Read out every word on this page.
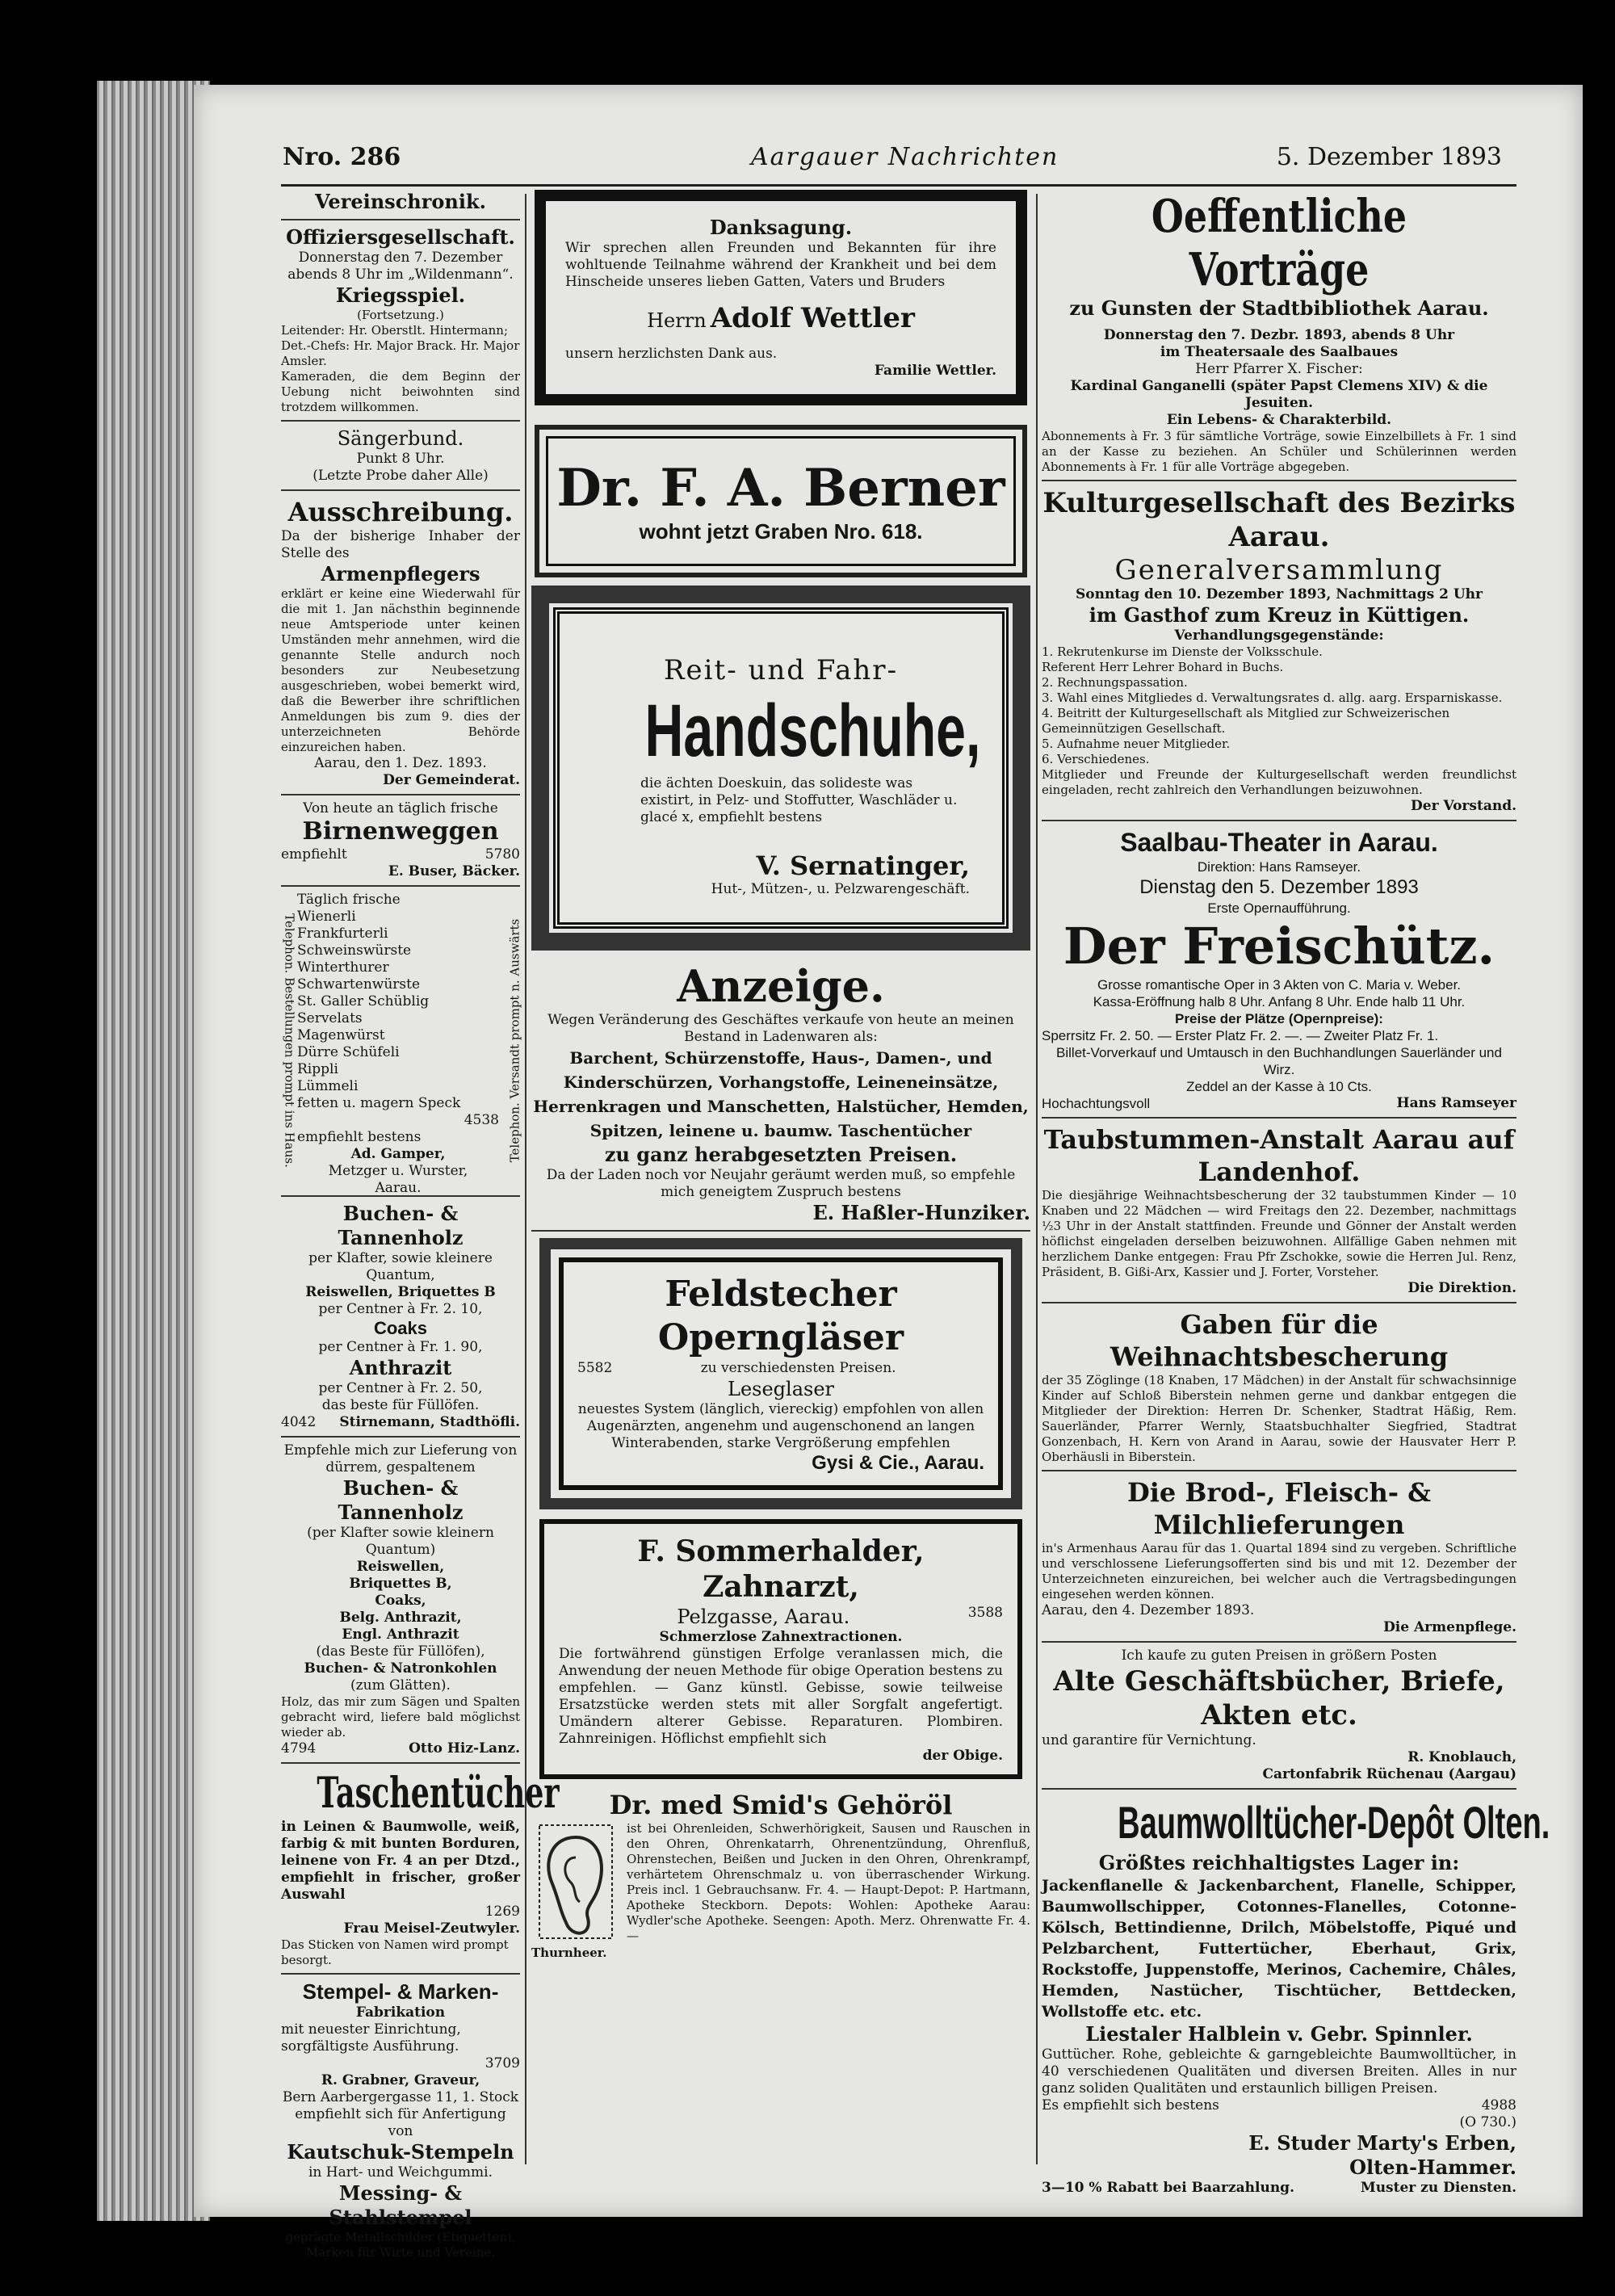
Nro. 286	Aargauer Nachrichten	5. Dezember 1893
Vereinschronik.
Offiziersgesellschaft.
Donnerstag den 7. Dezember abends 8 Uhr im „Wildenmann“.
Kriegsspiel.
(Fortsetzung.)
Leitender: Hr. Oberstlt. Hintermann; Det.-Chefs: Hr. Major Brack. Hr. Major Amsler.
Kameraden, die dem Beginn der Uebung nicht beiwohnten sind trotzdem willkommen.
Sängerbund.
Punkt 8 Uhr.
(Letzte Probe daher Alle)
Ausschreibung.
Da der bisherige Inhaber der Stelle des
Armenpflegers
erklärt er keine eine Wiederwahl für die mit 1. Jan nächsthin beginnende neue Amtsperiode unter keinen Umständen mehr annehmen, wird die genannte Stelle andurch noch besonders zur Neubesetzung ausgeschrieben, wobei bemerkt wird, daß die Bewerber ihre schriftlichen Anmeldungen bis zum 9. dies der unterzeichneten Behörde einzureichen haben.
Aarau, den 1. Dez. 1893.
Der Gemeinderat.
Von heute an täglich frische
Birnenweggen
empfiehlt	5780
E. Buser, Bäcker.
Telephon. Bestellungen prompt ins Haus.	Telephon. Versandt prompt n. Auswärts
Täglich frische
Wienerli
Frankfurterli
Schweinswürste
Winterthurer
Schwartenwürste
St. Galler Schüblig
Servelats
Magenwürst
Dürre Schüfeli
Rippli
Lümmeli
fetten u. magern Speck
4538
empfiehlt bestens
Ad. Gamper,
Metzger u. Wurster,
Aarau.
Buchen- & Tannenholz
per Klafter, sowie kleinere Quantum,
Reiswellen, Briquettes B
per Centner à Fr. 2. 10,
Coaks
per Centner à Fr. 1. 90,
Anthrazit
per Centner à Fr. 2. 50,
das beste für Füllöfen.
4042 Stirnemann, Stadthöfli.
Empfehle mich zur Lieferung von dürrem, gespaltenem
Buchen- & Tannenholz
(per Klafter sowie kleinern Quantum)
Reiswellen,
Briquettes B,
Coaks,
Belg. Anthrazit,
Engl. Anthrazit
(das Beste für Füllöfen),
Buchen- & Natronkohlen
(zum Glätten).
Holz, das mir zum Sägen und Spalten gebracht wird, liefere bald möglichst wieder ab.
4794	Otto Hiz-Lanz.
Taschentücher
in Leinen & Baumwolle, weiß, farbig & mit bunten Borduren, leinene von Fr. 4 an per Dtzd., empfiehlt in frischer, großer Auswahl
1269
Frau Meisel-Zeutwyler.
Das Sticken von Namen wird prompt besorgt.
Stempel- & Marken-
Fabrikation
mit neuester Einrichtung, sorgfältigste Ausführung.
3709
R. Grabner, Graveur,
Bern Aarbergergasse 11, 1. Stock
empfiehlt sich für Anfertigung von
Kautschuk-Stempeln
in Hart- und Weichgummi.
Messing- & Stahlstempel
geprägte Metallschilder (Etiquetten), Marken für Wirte und Vereine.
Danksagung.
Wir sprechen allen Freunden und Bekannten für ihre wohltuende Teilnahme während der Krankheit und bei dem Hinscheide unseres lieben Gatten, Vaters und Bruders
Herrn Adolf Wettler
unsern herzlichsten Dank aus.
Familie Wettler.
Dr. F. A. Berner
wohnt jetzt Graben Nro. 618.
Reit- und Fahr-
Handschuhe,
die ächten Doeskuin, das solideste was existirt, in Pelz- und Stoffutter, Waschläder u. glacé x, empfiehlt bestens
V. Sernatinger,
Hut-, Mützen-, u. Pelzwarengeschäft.
Anzeige.
Wegen Veränderung des Geschäftes verkaufe von heute an meinen Bestand in Ladenwaren als:
Barchent, Schürzenstoffe, Haus-, Damen-, und Kinderschürzen, Vorhangstoffe, Leineneinsätze, Herrenkragen und Manschetten, Halstücher, Hemden, Spitzen, leinene u. baumw. Taschentücher
zu ganz herabgesetzten Preisen.
Da der Laden noch vor Neujahr geräumt werden muß, so empfehle mich geneigtem Zuspruch bestens
E. Haßler-Hunziker.
Feldstecher Operngläser
5582	zu verschiedensten Preisen.
Leseglaser
neuestes System (länglich, viereckig) empfohlen von allen Augenärzten, angenehm und augenschonend an langen Winterabenden, starke Vergrößerung empfehlen
Gysi & Cie., Aarau.
F. Sommerhalder, Zahnarzt,
Pelzgasse, Aarau.	3588
Schmerzlose Zahnextractionen.
Die fortwährend günstigen Erfolge veranlassen mich, die Anwendung der neuen Methode für obige Operation bestens zu empfehlen. — Ganz künstl. Gebisse, sowie teilweise Ersatzstücke werden stets mit aller Sorgfalt angefertigt. Umändern alterer Gebisse. Reparaturen. Plombiren. Zahnreinigen. Höflichst empfiehlt sich
der Obige.
Dr. med Smid's Gehöröl
Thurnheer.
ist bei Ohrenleiden, Schwerhörigkeit, Sausen und Rauschen in den Ohren, Ohrenkatarrh, Ohrenentzündung, Ohrenfluß, Ohrenstechen, Beißen und Jucken in den Ohren, Ohrenkrampf, verhärtetem Ohrenschmalz u. von überraschender Wirkung. Preis incl. 1 Gebrauchsanw. Fr. 4. — Haupt-Depot: P. Hartmann, Apotheke Steckborn. Depots: Wohlen: Apotheke Aarau: Wydler'sche Apotheke. Seengen: Apoth. Merz. Ohrenwatte Fr. 4. —
Oeffentliche Vorträge
zu Gunsten der Stadtbibliothek Aarau.
Donnerstag den 7. Dezbr. 1893, abends 8 Uhr
im Theatersaale des Saalbaues
Herr Pfarrer X. Fischer:
Kardinal Ganganelli (später Papst Clemens XIV) & die Jesuiten.
Ein Lebens- & Charakterbild.
Abonnements à Fr. 3 für sämtliche Vorträge, sowie Einzelbillets à Fr. 1 sind an der Kasse zu beziehen. An Schüler und Schülerinnen werden Abonnements à Fr. 1 für alle Vorträge abgegeben.
Kulturgesellschaft des Bezirks Aarau.
Generalversammlung
Sonntag den 10. Dezember 1893, Nachmittags 2 Uhr
im Gasthof zum Kreuz in Küttigen.
Verhandlungsgegenstände:
1. Rekrutenkurse im Dienste der Volksschule.
Referent Herr Lehrer Bohard in Buchs.
2. Rechnungspassation.
3. Wahl eines Mitgliedes d. Verwaltungsrates d. allg. aarg. Ersparniskasse.
4. Beitritt der Kulturgesellschaft als Mitglied zur Schweizerischen Gemeinnützigen Gesellschaft.
5. Aufnahme neuer Mitglieder.
6. Verschiedenes.
Mitglieder und Freunde der Kulturgesellschaft werden freundlichst eingeladen, recht zahlreich den Verhandlungen beizuwohnen.
Der Vorstand.
Saalbau-Theater in Aarau.
Direktion: Hans Ramseyer.
Dienstag den 5. Dezember 1893
Erste Opernaufführung.
Der Freischütz.
Grosse romantische Oper in 3 Akten von C. Maria v. Weber.
Kassa-Eröffnung halb 8 Uhr. Anfang 8 Uhr. Ende halb 11 Uhr.
Preise der Plätze (Opernpreise):
Sperrsitz Fr. 2. 50. — Erster Platz Fr. 2. —. — Zweiter Platz Fr. 1.
Billet-Vorverkauf und Umtausch in den Buchhandlungen Sauerländer und Wirz.
Zeddel an der Kasse à 10 Cts.
Hochachtungsvoll	Hans Ramseyer
Taubstummen-Anstalt Aarau auf Landenhof.
Die diesjährige Weihnachtsbescherung der 32 taubstummen Kinder — 10 Knaben und 22 Mädchen — wird Freitags den 22. Dezember, nachmittags ½3 Uhr in der Anstalt stattfinden. Freunde und Gönner der Anstalt werden höflichst eingeladen derselben beizuwohnen. Allfällige Gaben nehmen mit herzlichem Danke entgegen: Frau Pfr Zschokke, sowie die Herren Jul. Renz, Präsident, B. Gißi-Arx, Kassier und J. Forter, Vorsteher.
Die Direktion.
Gaben für die Weihnachtsbescherung
der 35 Zöglinge (18 Knaben, 17 Mädchen) in der Anstalt für schwachsinnige Kinder auf Schloß Biberstein nehmen gerne und dankbar entgegen die Mitglieder der Direktion: Herren Dr. Schenker, Stadtrat Häßig, Rem. Sauerländer, Pfarrer Wernly, Staatsbuchhalter Siegfried, Stadtrat Gonzenbach, H. Kern von Arand in Aarau, sowie der Hausvater Herr P. Oberhäusli in Biberstein.
Die Brod-, Fleisch- & Milchlieferungen
in's Armenhaus Aarau für das 1. Quartal 1894 sind zu vergeben. Schriftliche und verschlossene Lieferungsofferten sind bis und mit 12. Dezember der Unterzeichneten einzureichen, bei welcher auch die Vertragsbedingungen eingesehen werden können.
Aarau, den 4. Dezember 1893.
Die Armenpflege.
Ich kaufe zu guten Preisen in größern Posten
Alte Geschäftsbücher, Briefe, Akten etc.
und garantire für Vernichtung.
R. Knoblauch,
Cartonfabrik Rüchenau (Aargau)
Baumwolltücher-Depôt Olten.
Größtes reichhaltigstes Lager in:
Jackenflanelle & Jackenbarchent, Flanelle, Schipper, Baumwollschipper, Cotonnes-Flanelles, Cotonne-Kölsch, Bettindienne, Drilch, Möbelstoffe, Piqué und Pelzbarchent, Futtertücher, Eberhaut, Grix, Rockstoffe, Juppenstoffe, Merinos, Cachemire, Châles, Hemden, Nastücher, Tischtücher, Bettdecken, Wollstoffe etc. etc.
Liestaler Halblein v. Gebr. Spinnler.
Guttücher. Rohe, gebleichte & garngebleichte Baumwolltücher, in 40 verschiedenen Qualitäten und diversen Breiten. Alles in nur ganz soliden Qualitäten und erstaunlich billigen Preisen.
Es empfiehlt sich bestens	4988
(O 730.)
E. Studer Marty's Erben,
Olten-Hammer.
3—10 % Rabatt bei Baarzahlung.	Muster zu Diensten.
